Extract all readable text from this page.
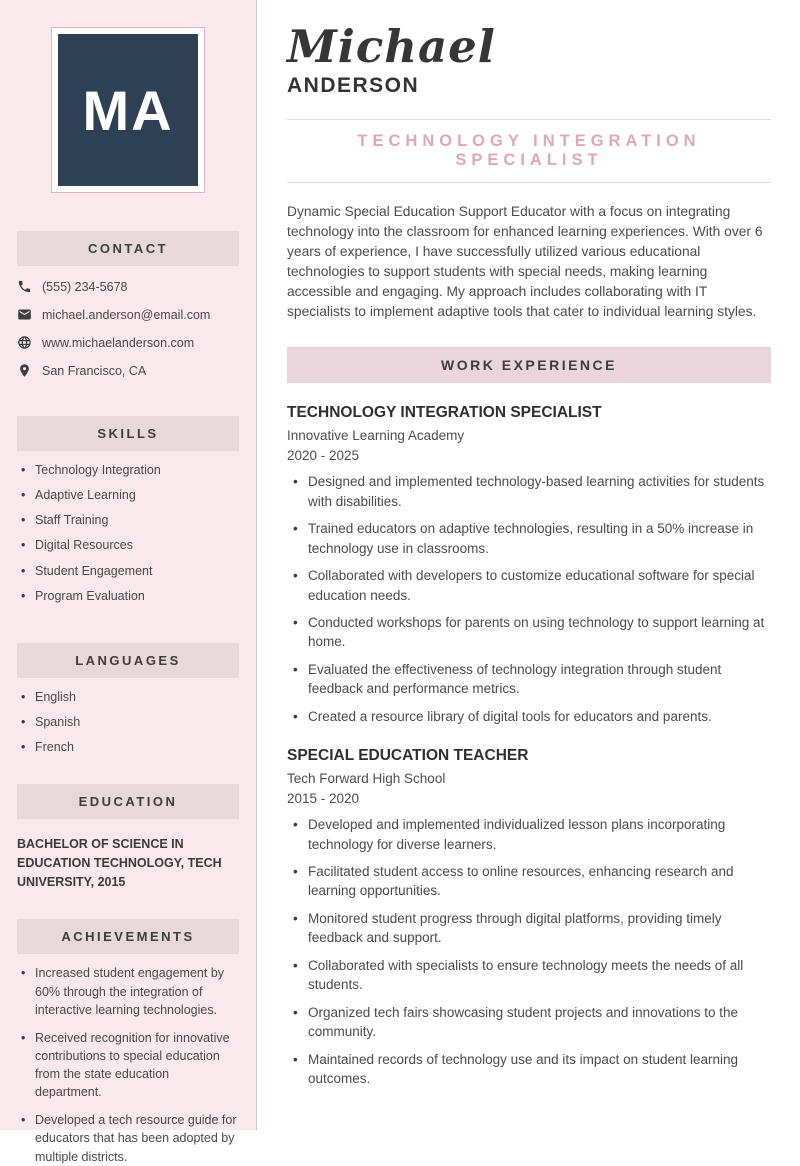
MA
CONTACT
(555) 234-5678
michael.anderson@email.com
www.michaelanderson.com
San Francisco, CA
SKILLS
• Technology Integration
• Adaptive Learning
• Staff Training
• Digital Resources
• Student Engagement
• Program Evaluation
LANGUAGES
• English
• Spanish
• French
EDUCATION
BACHELOR OF SCIENCE IN EDUCATION TECHNOLOGY, TECH UNIVERSITY, 2015
ACHIEVEMENTS
• Increased student engagement by 60% through the integration of interactive learning technologies.
• Received recognition for innovative contributions to special education from the state education department.
• Developed a tech resource guide for educators that has been adopted by multiple districts.
Michael
ANDERSON
TECHNOLOGY INTEGRATION SPECIALIST

Dynamic Special Education Support Educator with a focus on integrating technology into the classroom for enhanced learning experiences. With over 6 years of experience, I have successfully utilized various educational technologies to support students with special needs, making learning accessible and engaging. My approach includes collaborating with IT specialists to implement adaptive tools that cater to individual learning styles.

WORK EXPERIENCE
TECHNOLOGY INTEGRATION SPECIALIST
Innovative Learning Academy
2020 - 2025
• Designed and implemented technology-based learning activities for students with disabilities.
• Trained educators on adaptive technologies, resulting in a 50% increase in technology use in classrooms.
• Collaborated with developers to customize educational software for special education needs.
• Conducted workshops for parents on using technology to support learning at home.
• Evaluated the effectiveness of technology integration through student feedback and performance metrics.
• Created a resource library of digital tools for educators and parents.
SPECIAL EDUCATION TEACHER
Tech Forward High School
2015 - 2020
• Developed and implemented individualized lesson plans incorporating technology for diverse learners.
• Facilitated student access to online resources, enhancing research and learning opportunities.
• Monitored student progress through digital platforms, providing timely feedback and support.
• Collaborated with specialists to ensure technology meets the needs of all students.
• Organized tech fairs showcasing student projects and innovations to the community.
• Maintained records of technology use and its impact on student learning outcomes.
